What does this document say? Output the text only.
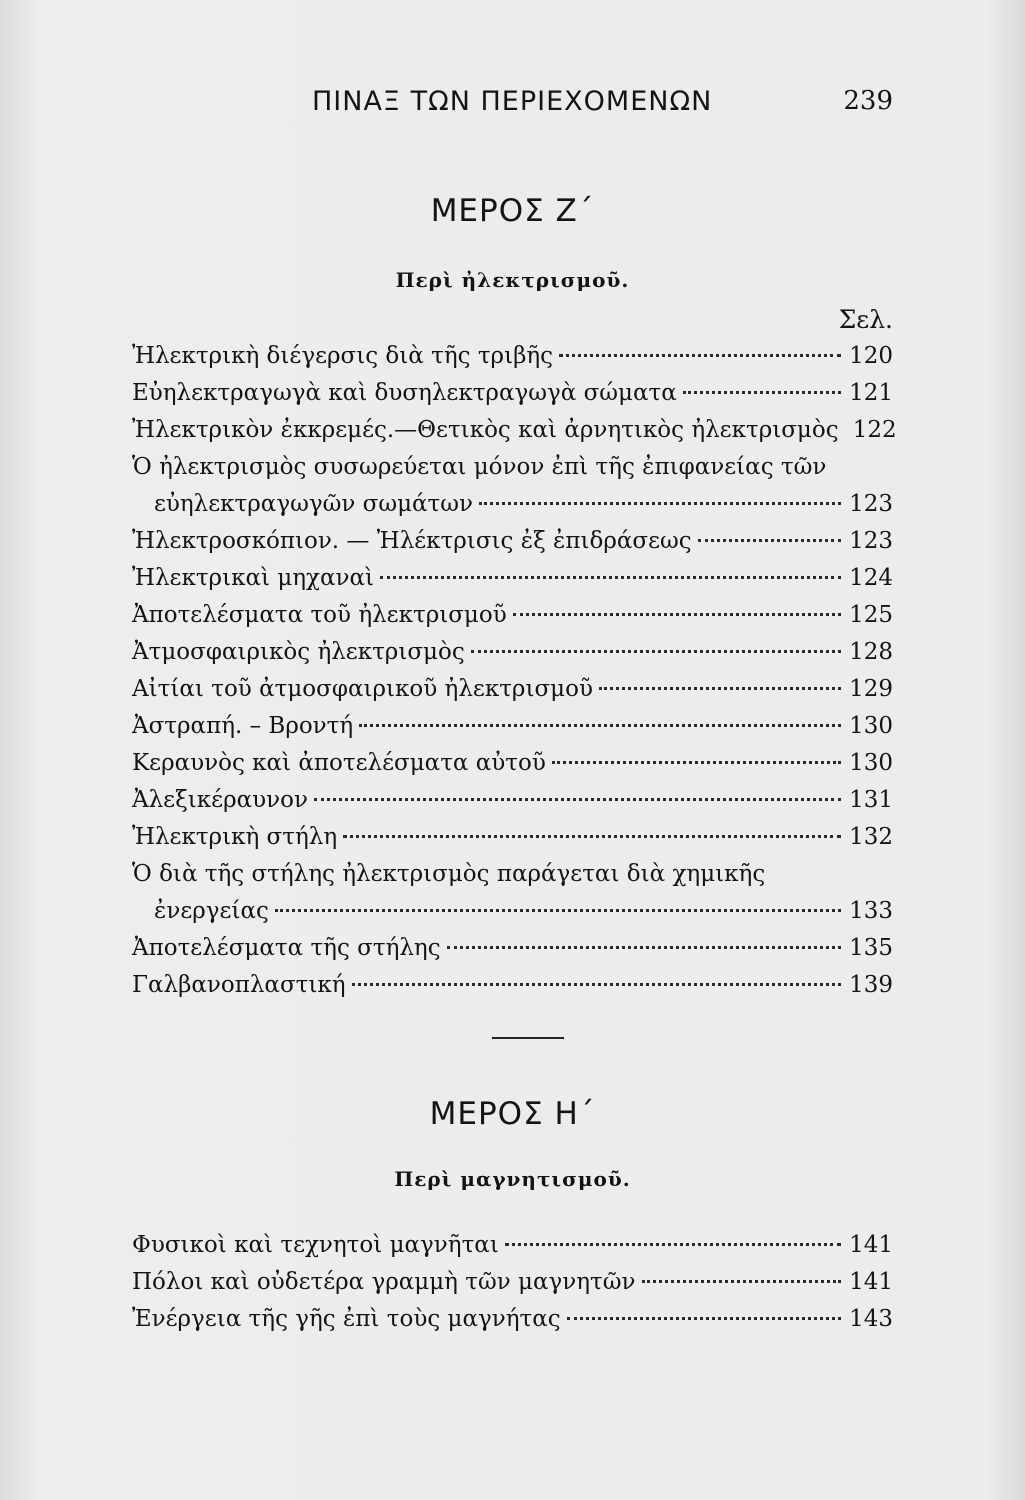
ΠΙΝΑΞ ΤΩΝ ΠΕΡΙΕΧΟΜΕΝΩΝ	239
ΜΕΡΟΣ Ζ΄
Περὶ ἠλεκτρισμοῦ.
Σελ.
Ἠλεκτρικὴ διέγερσις διὰ τῆς τριβῆς	120
Εὐηλεκτραγωγὰ καὶ δυσηλεκτραγωγὰ σώματα	121
Ἠλεκτρικὸν ἐκκρεμές.—Θετικὸς καὶ ἀρνητικὸς ἠλεκτρισμὸς 122
Ὁ ἠλεκτρισμὸς συσωρεύεται μόνον ἐπὶ τῆς ἐπιφανείας τῶν
εὐηλεκτραγωγῶν σωμάτων	123
Ἠλεκτροσκόπιον. — Ἠλέκτρισις ἐξ ἐπιδράσεως	123
Ἠλεκτρικαὶ μηχαναὶ	124
Ἀποτελέσματα τοῦ ἠλεκτρισμοῦ	125
Ἀτμοσφαιρικὸς ἠλεκτρισμὸς	128
Αἰτίαι τοῦ ἀτμοσφαιρικοῦ ἠλεκτρισμοῦ	129
Ἀστραπή. – Βροντή	130
Κεραυνὸς καὶ ἀποτελέσματα αὐτοῦ	130
Ἀλεξικέραυνον	131
Ἠλεκτρικὴ στήλη	132
Ὁ διὰ τῆς στήλης ἠλεκτρισμὸς παράγεται διὰ χημικῆς
ἐνεργείας	133
Ἀποτελέσματα τῆς στήλης	135
Γαλβανοπλαστική	139
ΜΕΡΟΣ Η΄
Περὶ μαγνητισμοῦ.
Φυσικοὶ καὶ τεχνητοὶ μαγνῆται	141
Πόλοι καὶ οὐδετέρα γραμμὴ τῶν μαγνητῶν	141
Ἐνέργεια τῆς γῆς ἐπὶ τοὺς μαγνήτας	143
